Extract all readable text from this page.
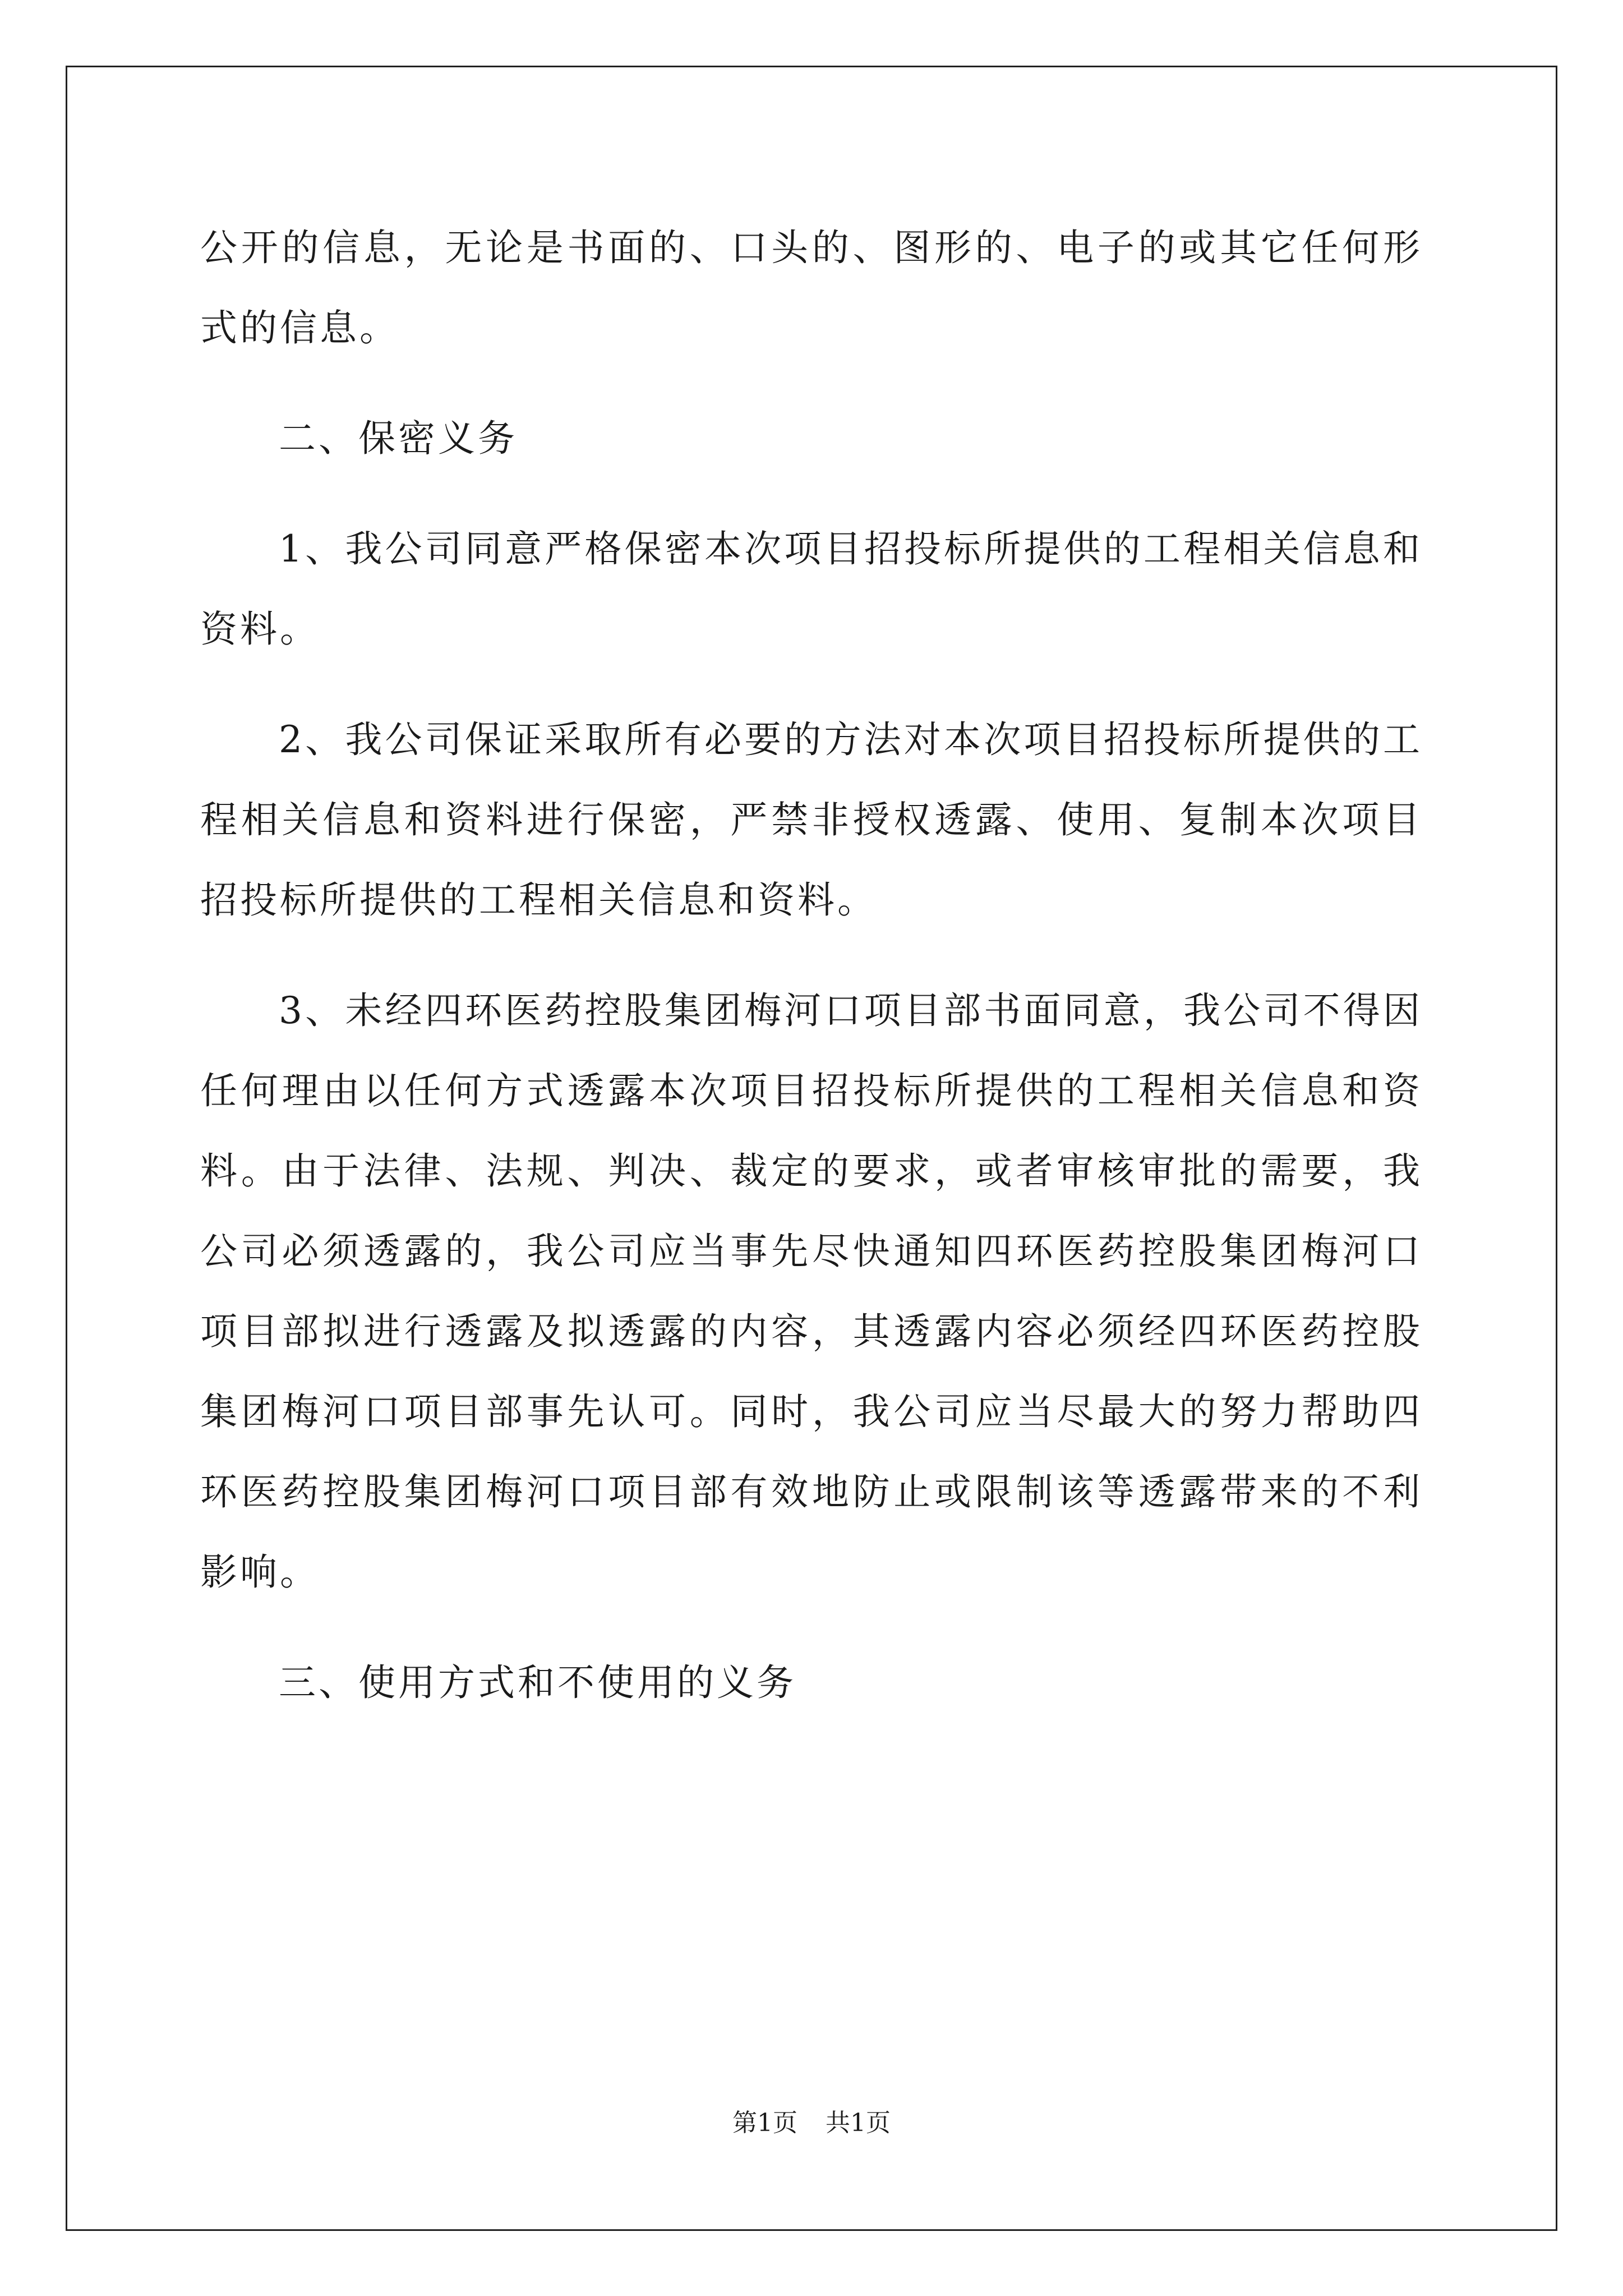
公开的信息，无论是书面的、口头的、图形的、电子的或其它任何形式的信息。

二、保密义务

1、我公司同意严格保密本次项目招投标所提供的工程相关信息和资料。

2、我公司保证采取所有必要的方法对本次项目招投标所提供的工程相关信息和资料进行保密，严禁非授权透露、使用、复制本次项目招投标所提供的工程相关信息和资料。

3、未经四环医药控股集团梅河口项目部书面同意，我公司不得因任何理由以任何方式透露本次项目招投标所提供的工程相关信息和资料。由于法律、法规、判决、裁定的要求，或者审核审批的需要，我公司必须透露的，我公司应当事先尽快通知四环医药控股集团梅河口项目部拟进行透露及拟透露的内容，其透露内容必须经四环医药控股集团梅河口项目部事先认可。同时，我公司应当尽最大的努力帮助四环医药控股集团梅河口项目部有效地防止或限制该等透露带来的不利影响。

三、使用方式和不使用的义务

第1页 共1页
